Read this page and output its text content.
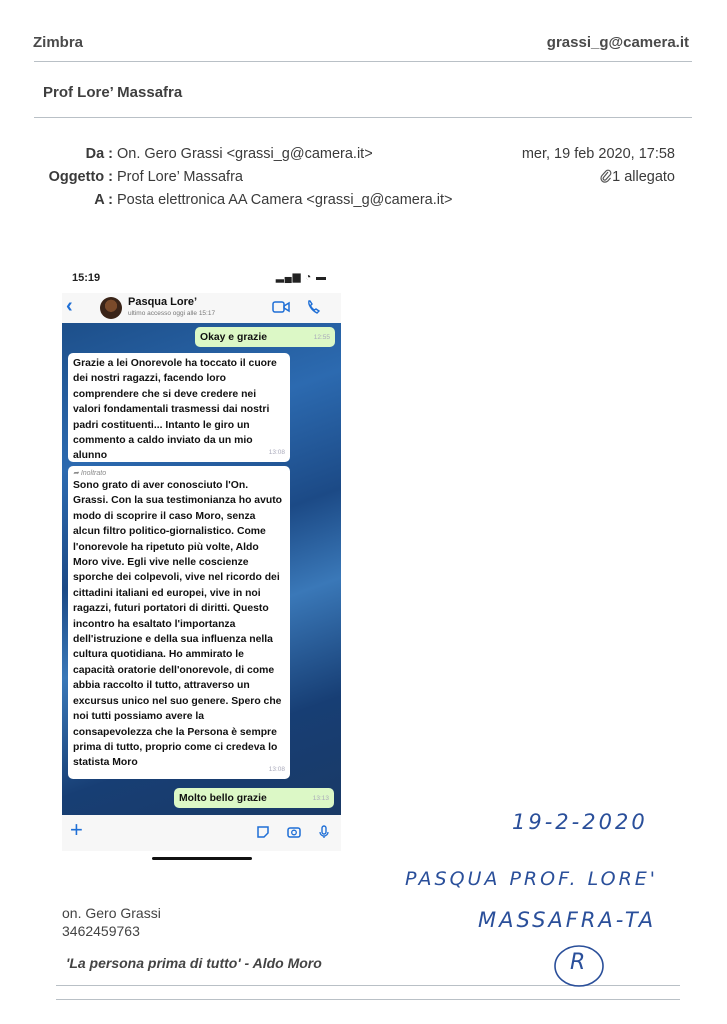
Zimbra	grassi_g@camera.it
Prof Lore’ Massafra
Da : On. Gero Grassi <grassi_g@camera.it>	mer, 19 feb 2020, 17:58
Oggetto : Prof Lore’ Massafra	1 allegato
A : Posta elettronica AA Camera <grassi_g@camera.it>
15:19	▂▄▆ ◔ ▬
‹	Pasqua Lore’
ultimo accesso oggi alle 15:17
Okay e grazie	12:55
Grazie a lei Onorevole ha toccato il cuore dei nostri ragazzi, facendo loro comprendere che si deve credere nei valori fondamentali trasmessi dai nostri padri costituenti... Intanto le giro un commento a caldo inviato da un mio alunno	13:08
➦ Inoltrato
Sono grato di aver conosciuto l'On. Grassi. Con la sua testimonianza ho avuto modo di scoprire il caso Moro, senza alcun filtro politico-giornalistico. Come l'onorevole ha ripetuto più volte, Aldo Moro vive. Egli vive nelle coscienze sporche dei colpevoli, vive nel ricordo dei cittadini italiani ed europei, vive in noi ragazzi, futuri portatori di diritti. Questo incontro ha esaltato l'importanza dell'istruzione e della sua influenza nella cultura quotidiana. Ho ammirato le capacità oratorie dell'onorevole, di come abbia raccolto il tutto, attraverso un excursus unico nel suo genere. Spero che noi tutti possiamo avere la consapevolezza che la Persona è sempre prima di tutto, proprio come ci credeva lo statista Moro
13:08
Molto bello grazie	13:13
+
on. Gero Grassi
3462459763
'La persona prima di tutto' - Aldo Moro
19-2-2020
PASQUA PROF. LORE'
MASSAFRA-TA
R
